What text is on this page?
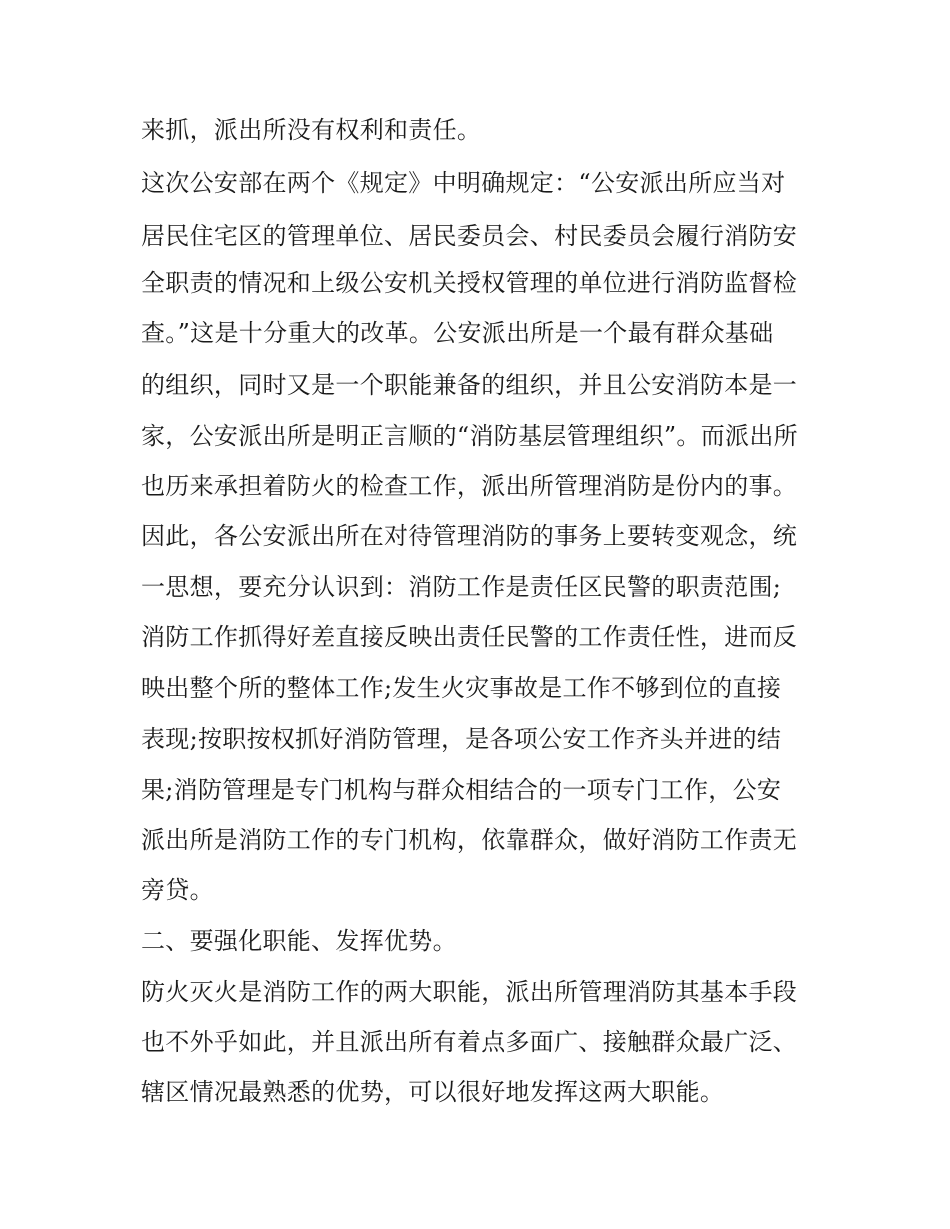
来抓，派出所没有权利和责任。
这次公安部在两个《规定》中明确规定：“公安派出所应当对
居民住宅区的管理单位、居民委员会、村民委员会履行消防安
全职责的情况和上级公安机关授权管理的单位进行消防监督检
查。”这是十分重大的改革。公安派出所是一个最有群众基础
的组织，同时又是一个职能兼备的组织，并且公安消防本是一
家，公安派出所是明正言顺的“消防基层管理组织”。而派出所
也历来承担着防火的检查工作，派出所管理消防是份内的事。
因此，各公安派出所在对待管理消防的事务上要转变观念，统
一思想，要充分认识到：消防工作是责任区民警的职责范围;
消防工作抓得好差直接反映出责任民警的工作责任性，进而反
映出整个所的整体工作;发生火灾事故是工作不够到位的直接
表现;按职按权抓好消防管理，是各项公安工作齐头并进的结
果;消防管理是专门机构与群众相结合的一项专门工作，公安
派出所是消防工作的专门机构，依靠群众，做好消防工作责无
旁贷。
二、要强化职能、发挥优势。
防火灭火是消防工作的两大职能，派出所管理消防其基本手段
也不外乎如此，并且派出所有着点多面广、接触群众最广泛、
辖区情况最熟悉的优势，可以很好地发挥这两大职能。
